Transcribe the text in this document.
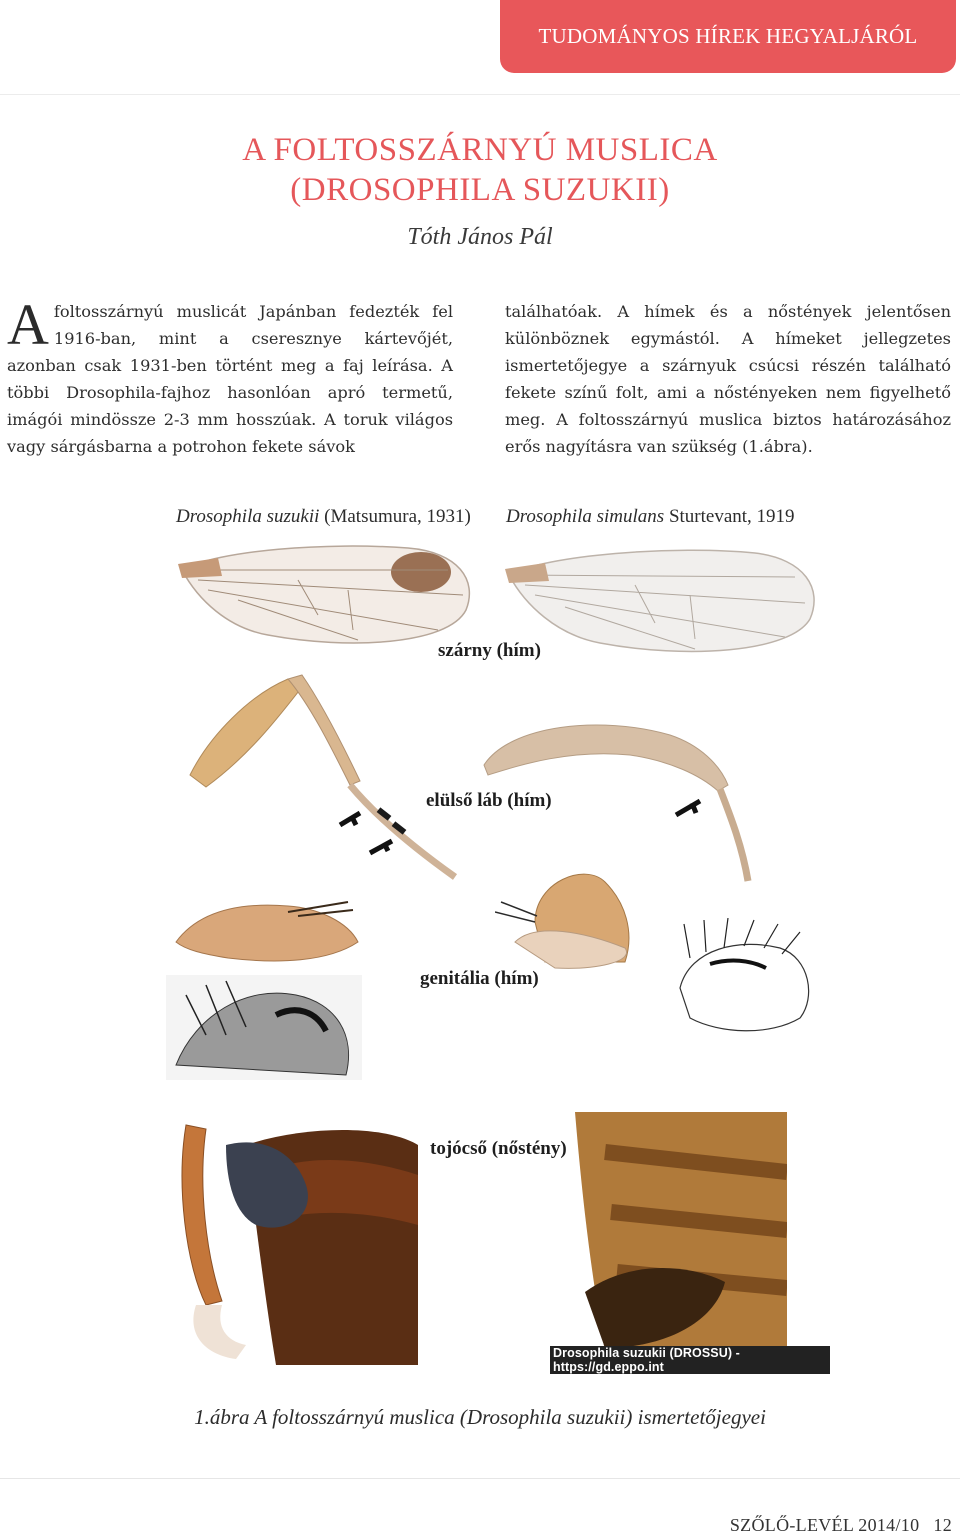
TUDOMÁNYOS HÍREK HEGYALJÁRÓL
A FOLTOSSZÁRNYÚ MUSLICA
(DROSOPHILA SUZUKII)
Tóth János Pál
A foltosszárnyú muslicát Japánban fedezték fel 1916-ban, mint a cseresznye kártevőjét, azonban csak 1931-ben történt meg a faj leírása. A többi Drosophila-fajhoz hasonlóan apró termetű, imágói mindössze 2-3 mm hosszúak. A toruk világos vagy sárgásbarna a potrohon fekete sávok
találhatóak. A hímek és a nőstények jelentősen különböznek egymástól. A hímeket jellegzetes ismertetőjegye a szárnyuk csúcsi részén található fekete színű folt, ami a nőstényeken nem figyelhető meg. A foltosszárnyú muslica biztos határozásához erős nagyításra van szükség (1.ábra).
Drosophila suzukii (Matsumura, 1931) Drosophila simulans Sturtevant, 1919
szárny (hím)
elülső láb (hím)
genitália (hím)
tojócső (nőstény)
Drosophila suzukii (DROSSU) - https://gd.eppo.int
1.ábra A foltosszárnyú muslica (Drosophila suzukii) ismertetőjegyei
SZŐLŐ-LEVÉL 2014/10 12
